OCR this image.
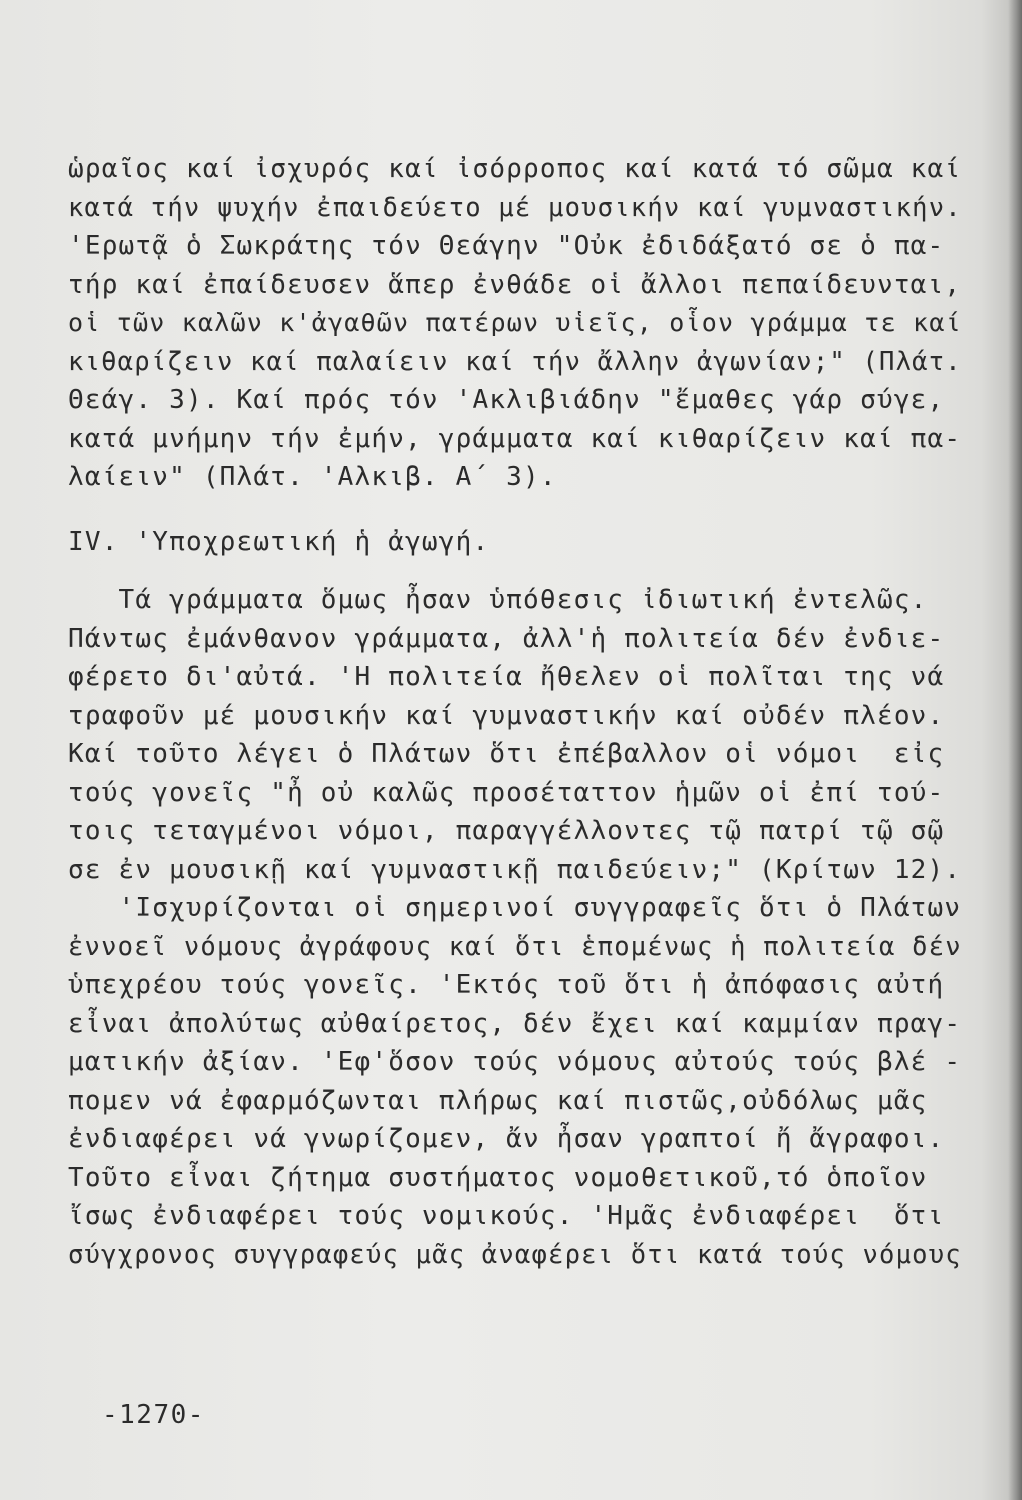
ὡραῖος καί ἰσχυρός καί ἰσόρροπος καί κατά τό σῶμα καί
κατά τήν ψυχήν ἐπαιδεύετο μέ μουσικήν καί γυμναστικήν.
'Ερωτᾷ ὁ Σωκράτης τόν Θεάγην "Οὐκ ἐδιδάξατό σε ὁ πα-
τήρ καί ἐπαίδευσεν ἅπερ ἐνθάδε οἱ ἄλλοι πεπαίδευνται,
οἱ τῶν καλῶν κ'ἀγαθῶν πατέρων υἱεῖς, οἷον γράμμα τε καί
κιθαρίζειν καί παλαίειν καί τήν ἄλλην ἀγωνίαν;" (Πλάτ.
Θεάγ. 3). Καί πρός τόν 'Ακλιβιάδην "ἔμαθες γάρ σύγε,
κατά μνήμην τήν ἐμήν, γράμματα καί κιθαρίζειν καί πα-
λαίειν" (Πλάτ. 'Αλκιβ. Α΄ 3).
IV. 'Υποχρεωτική ἡ ἀγωγή.
Τά γράμματα ὅμως ἦσαν ὑπόθεσις ἰδιωτική ἐντελῶς.
Πάντως ἐμάνθανον γράμματα, ἀλλ'ἡ πολιτεία δέν ἐνδιε-
φέρετο δι'αὐτά. 'Η πολιτεία ἤθελεν οἱ πολῖται της νά
τραφοῦν μέ μουσικήν καί γυμναστικήν καί οὐδέν πλέον.
Καί τοῦτο λέγει ὁ Πλάτων ὅτι ἐπέβαλλον οἱ νόμοι  εἰς
τούς γονεῖς "ἦ οὐ καλῶς προσέταττον ἡμῶν οἱ ἐπί τού-
τοις τεταγμένοι νόμοι, παραγγέλλοντες τῷ πατρί τῷ σῷ
σε ἐν μουσικῇ καί γυμναστικῇ παιδεύειν;" (Κρίτων 12).
'Ισχυρίζονται οἱ σημερινοί συγγραφεῖς ὅτι ὁ Πλάτων
ἐννοεῖ νόμους ἀγράφους καί ὅτι ἑπομένως ἡ πολιτεία δέν
ὑπεχρέου τούς γονεῖς. 'Εκτός τοῦ ὅτι ἡ ἀπόφασις αὐτή
εἶναι ἀπολύτως αὐθαίρετος, δέν ἔχει καί καμμίαν πραγ-
ματικήν ἀξίαν. 'Εφ'ὅσον τούς νόμους αὐτούς τούς βλέ -
πομεν νά ἐφαρμόζωνται πλήρως καί πιστῶς,οὐδόλως μᾶς
ἐνδιαφέρει νά γνωρίζομεν, ἄν ἦσαν γραπτοί ἤ ἄγραφοι.
Τοῦτο εἶναι ζήτημα συστήματος νομοθετικοῦ,τό ὁποῖον
ἴσως ἐνδιαφέρει τούς νομικούς. 'Ημᾶς ἐνδιαφέρει  ὅτι
σύγχρονος συγγραφεύς μᾶς ἀναφέρει ὅτι κατά τούς νόμους
-1270-
